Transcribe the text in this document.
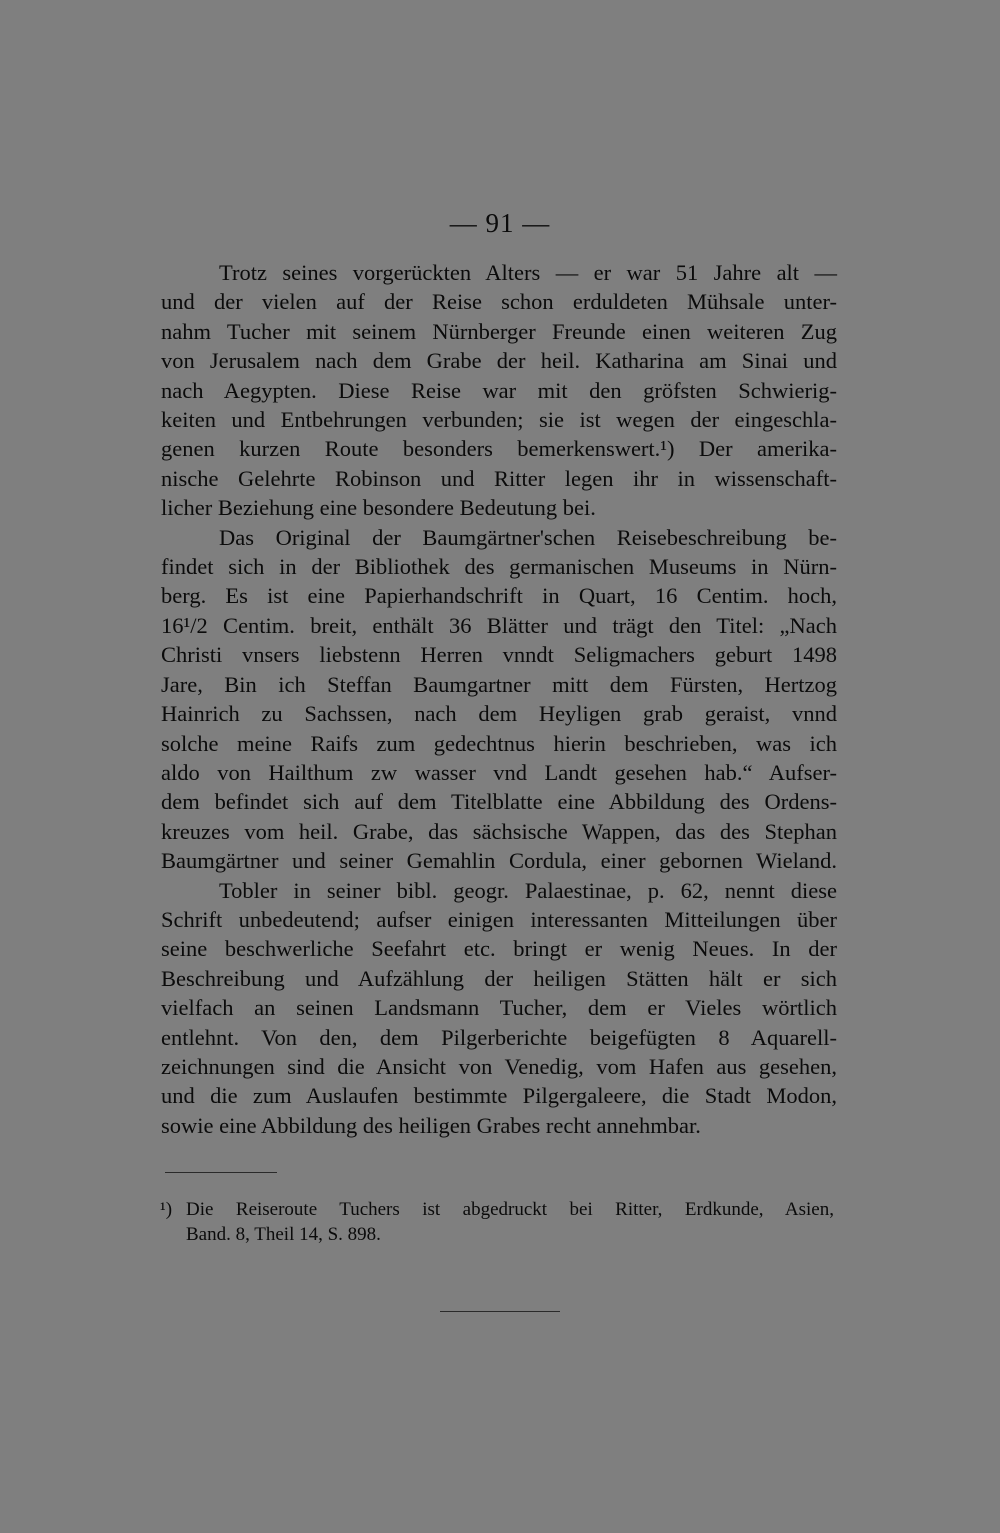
— 91 —
Trotz seines vorgerückten Alters — er war 51 Jahre alt —
und der vielen auf der Reise schon erduldeten Mühsale unter-
nahm Tucher mit seinem Nürnberger Freunde einen weiteren Zug
von Jerusalem nach dem Grabe der heil. Katharina am Sinai und
nach Aegypten. Diese Reise war mit den gröfsten Schwierig-
keiten und Entbehrungen verbunden; sie ist wegen der eingeschla-
genen kurzen Route besonders bemerkenswert.¹) Der amerika-
nische Gelehrte Robinson und Ritter legen ihr in wissenschaft-
licher Beziehung eine besondere Bedeutung bei.
Das Original der Baumgärtner'schen Reisebeschreibung be-
findet sich in der Bibliothek des germanischen Museums in Nürn-
berg. Es ist eine Papierhandschrift in Quart, 16 Centim. hoch,
16¹/2 Centim. breit, enthält 36 Blätter und trägt den Titel: „Nach
Christi vnsers liebstenn Herren vnndt Seligmachers geburt 1498
Jare, Bin ich Steffan Baumgartner mitt dem Fürsten, Hertzog
Hainrich zu Sachssen, nach dem Heyligen grab geraist, vnnd
solche meine Raifs zum gedechtnus hierin beschrieben, was ich
aldo von Hailthum zw wasser vnd Landt gesehen hab.“ Aufser-
dem befindet sich auf dem Titelblatte eine Abbildung des Ordens-
kreuzes vom heil. Grabe, das sächsische Wappen, das des Stephan
Baumgärtner und seiner Gemahlin Cordula, einer gebornen Wieland.
Tobler in seiner bibl. geogr. Palaestinae, p. 62, nennt diese
Schrift unbedeutend; aufser einigen interessanten Mitteilungen über
seine beschwerliche Seefahrt etc. bringt er wenig Neues. In der
Beschreibung und Aufzählung der heiligen Stätten hält er sich
vielfach an seinen Landsmann Tucher, dem er Vieles wörtlich
entlehnt. Von den, dem Pilgerberichte beigefügten 8 Aquarell-
zeichnungen sind die Ansicht von Venedig, vom Hafen aus gesehen,
und die zum Auslaufen bestimmte Pilgergaleere, die Stadt Modon,
sowie eine Abbildung des heiligen Grabes recht annehmbar.
¹) Die Reiseroute Tuchers ist abgedruckt bei Ritter, Erdkunde, Asien,
Band. 8, Theil 14, S. 898.
